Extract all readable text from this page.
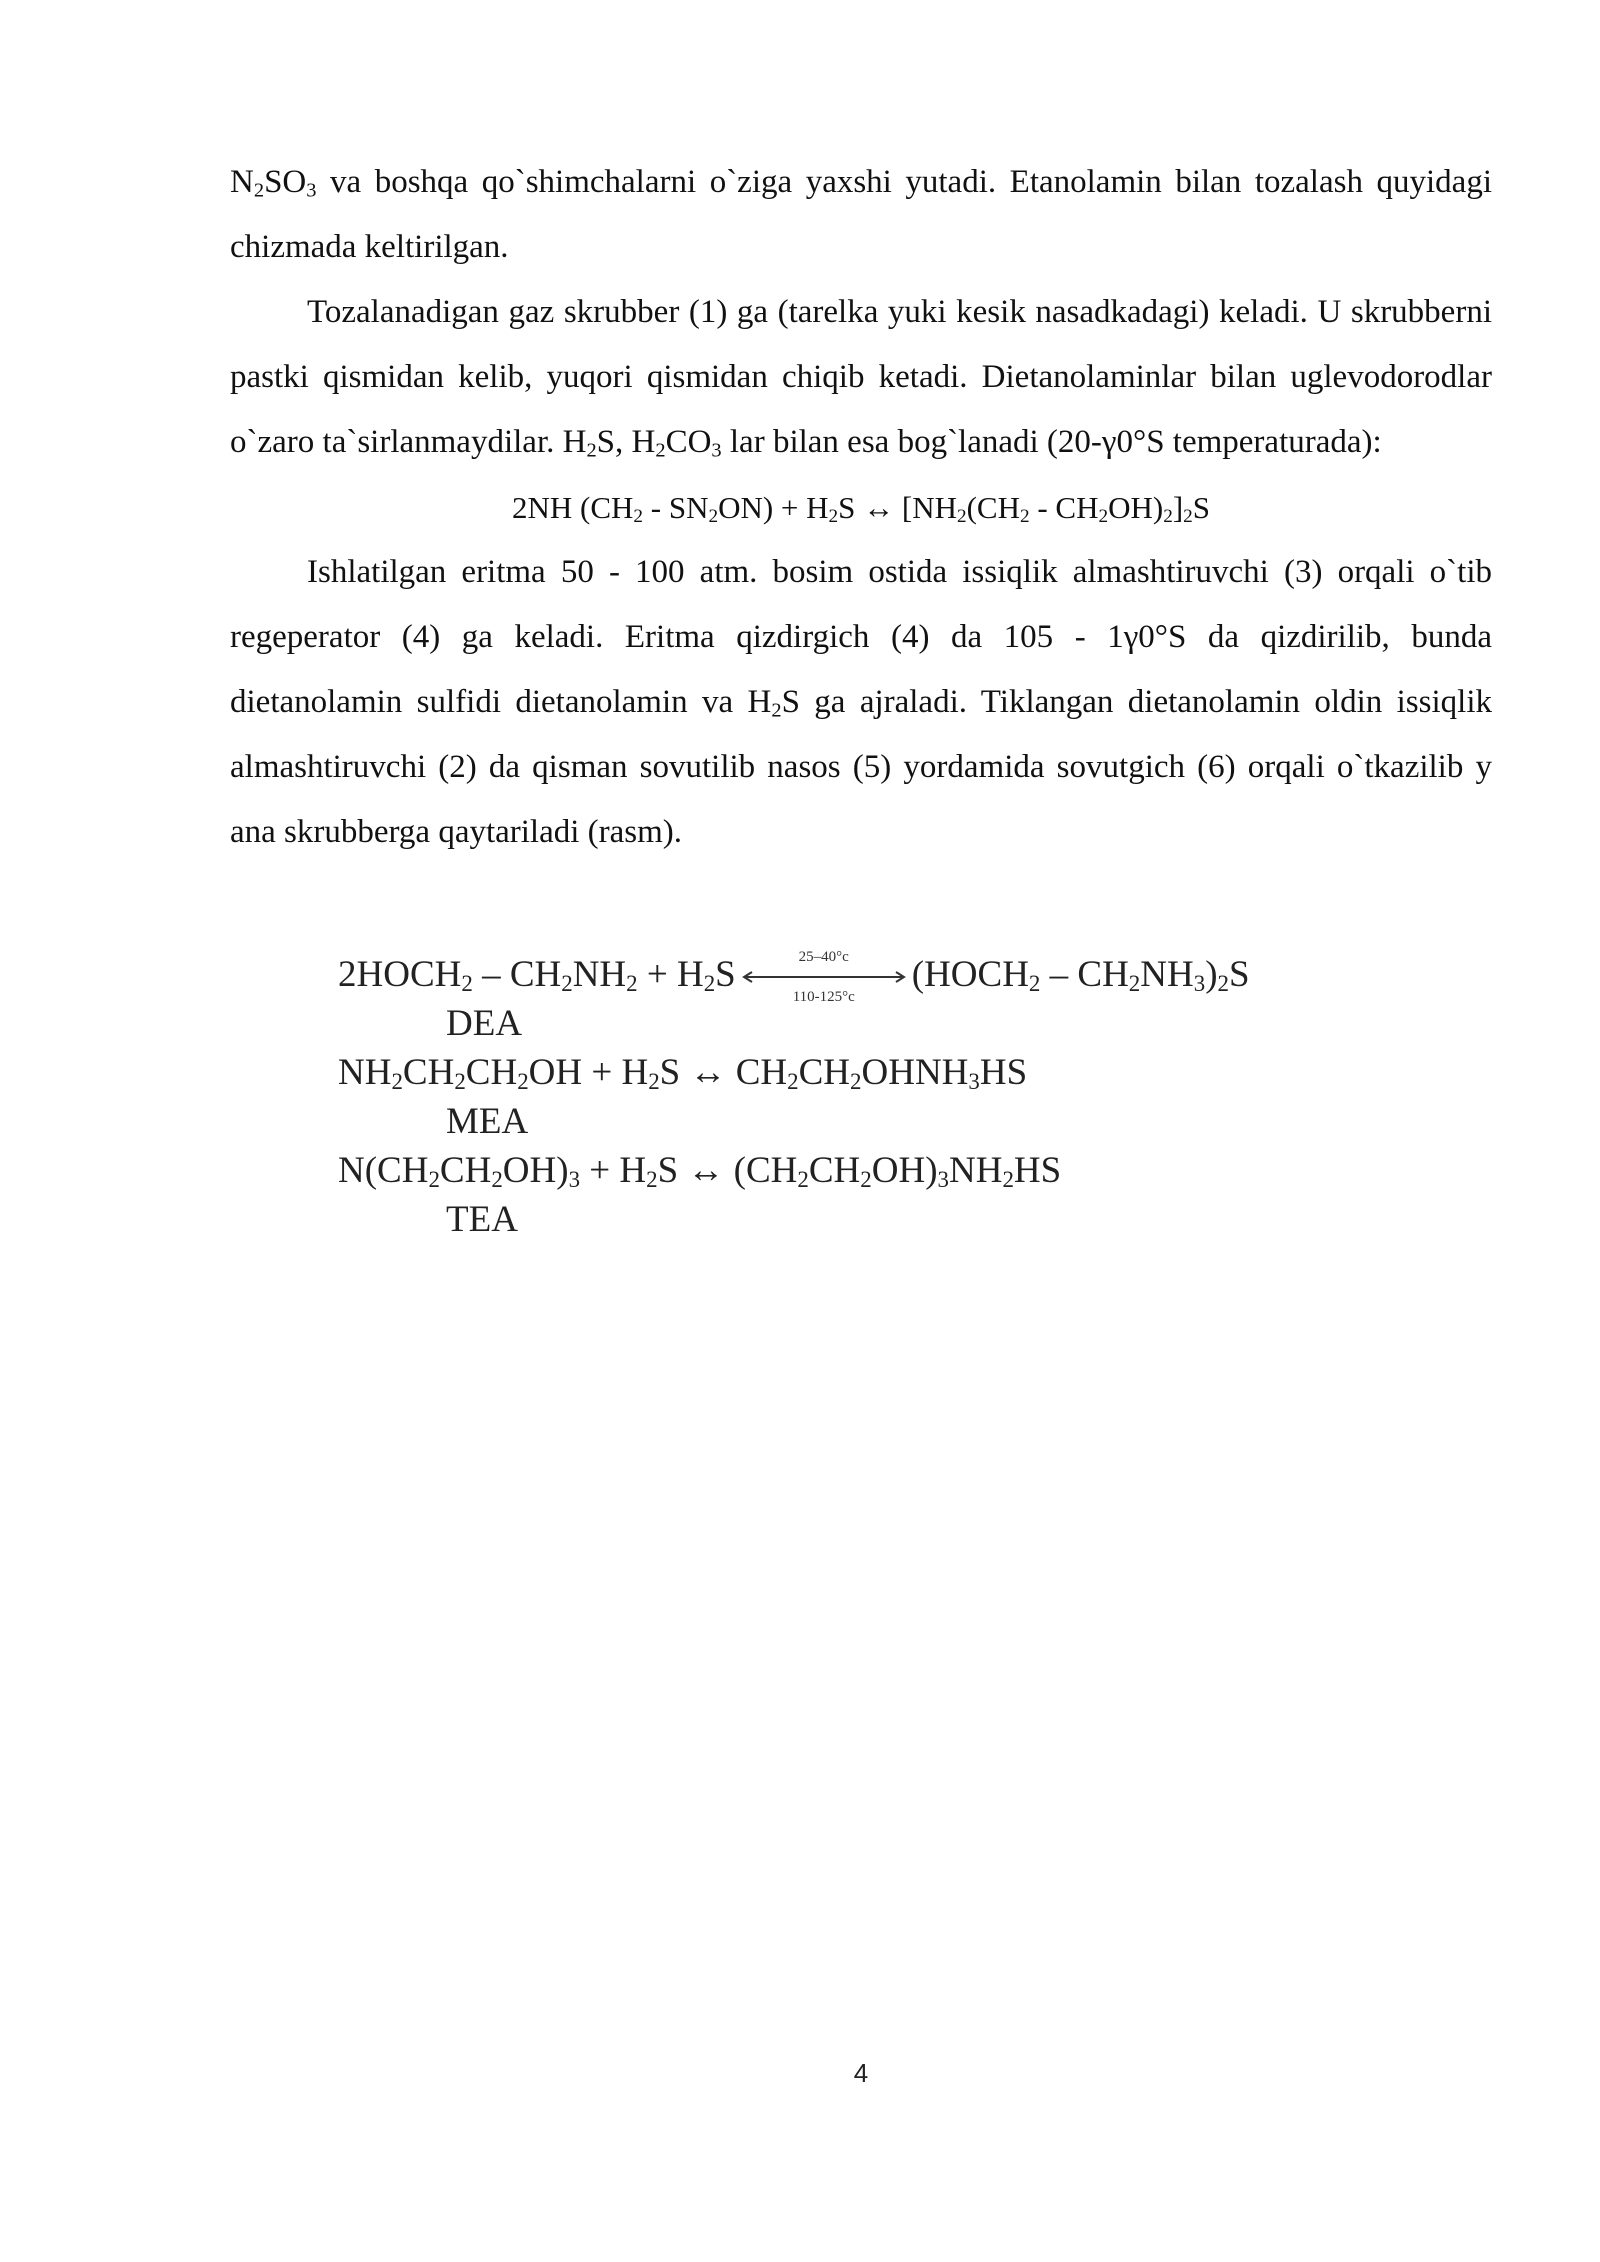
$N_2SO_3$ va boshqa qo`shimchalarni o`ziga yaxshi yutadi. Etanolamin bilan tozalash quyidagi chizmada keltirilgan.

Tozalanadigan gaz skrubber (1) ga (tarelka yuki kesik nasadkadagi) keladi. U skrubberni pastki qismidan kelib, yuqori qismidan chiqib ketadi. Dietanolaminlar bilan uglevodorodlar o`zaro ta`sirlanmaydilar. $H_2S$, $H_2CO_3$ lar bilan esa bog`lanadi (20-γ0°S temperaturada):

2NH $(CH_2 - SN_2ON) + H_2S$ ↔ $[NH_2(CH_2 - CH_2OH)_2]_2S$

Ishlatilgan eritma 50 - 100 atm. bosim ostida issiqlik almashtiruvchi (3) orqali o`tib regeperator (4) ga keladi. Eritma qizdirgich (4) da 105 - 1γ0°S da qizdirilib, bunda dietanolamin sulfidi dietanolamin va $H_2S$ ga ajraladi. Tiklangan dietanolamin oldin issiqlik almashtiruvchi (2) da qisman sovutilib nasos (5) yordamida sovutgich (6) orqali o`tkazilib y ana skrubberga qaytariladi (rasm).

$2HOCH_2 - CH_2NH_2 + H_2S$	25–40°c
110-125°c
$(HOCH_2 - CH_2NH_3)_2S$
DEA
$NH_2CH_2CH_2OH + H_2S$ ↔ $CH_2CH_2OHNH_3HS$
MEA
$N(CH_2CH_2OH)_3 + H_2S$ ↔ $(CH_2CH_2OH)_3NH_2HS$
TEA
4
